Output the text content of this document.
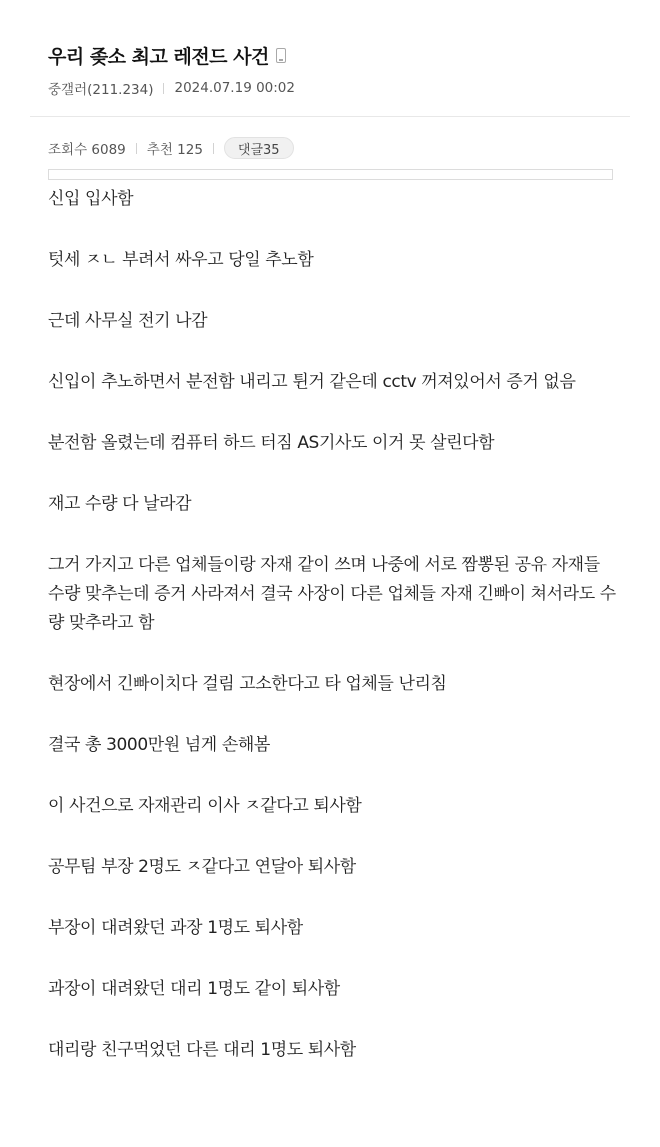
우리 좆소 최고 레전드 사건
중갤러(211.234) 2024.07.19 00:02
조회수 6089 추천 125	댓글35

신입 입사함

텃세 ㅈㄴ 부려서 싸우고 당일 추노함

근데 사무실 전기 나감

신입이 추노하면서 분전함 내리고 튄거 같은데 cctv 꺼져있어서 증거 없음

분전함 올렸는데 컴퓨터 하드 터짐 AS기사도 이거 못 살린다함

재고 수량 다 날라감

그거 가지고 다른 업체들이랑 자재 같이 쓰며 나중에 서로 짬뽕된 공유 자재들 수량 맞추는데 증거 사라져서 결국 사장이 다른 업체들 자재 긴빠이 쳐서라도 수량 맞추라고 함

현장에서 긴빠이치다 걸림 고소한다고 타 업체들 난리침

결국 총 3000만원 넘게 손해봄

이 사건으로 자재관리 이사 ㅈ같다고 퇴사함

공무팀 부장 2명도 ㅈ같다고 연달아 퇴사함

부장이 대려왔던 과장 1명도 퇴사함

과장이 대려왔던 대리 1명도 같이 퇴사함

대리랑 친구먹었던 다른 대리 1명도 퇴사함
